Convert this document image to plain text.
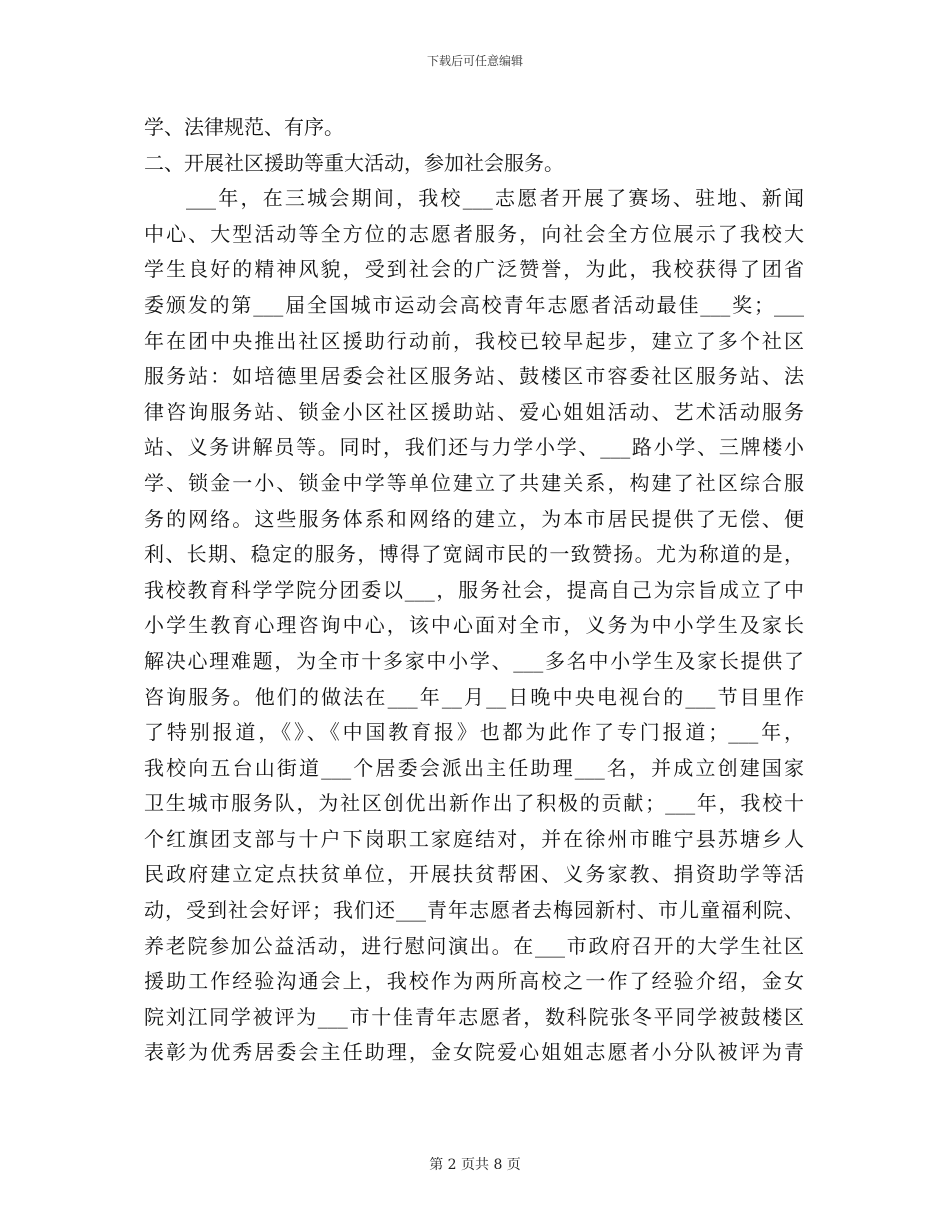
下载后可任意编辑
学、法律规范、有序。
二、开展社区援助等重大活动，参加社会服务。
___年，在三城会期间，我校___志愿者开展了赛场、驻地、新闻
中心、大型活动等全方位的志愿者服务，向社会全方位展示了我校大
学生良好的精神风貌，受到社会的广泛赞誉，为此，我校获得了团省
委颁发的第___届全国城市运动会高校青年志愿者活动最佳___奖；___
年在团中央推出社区援助行动前，我校已较早起步，建立了多个社区
服务站：如培德里居委会社区服务站、鼓楼区市容委社区服务站、法
律咨询服务站、锁金小区社区援助站、爱心姐姐活动、艺术活动服务
站、义务讲解员等。同时，我们还与力学小学、___路小学、三牌楼小
学、锁金一小、锁金中学等单位建立了共建关系，构建了社区综合服
务的网络。这些服务体系和网络的建立，为本市居民提供了无偿、便
利、长期、稳定的服务，博得了宽阔市民的一致赞扬。尤为称道的是，
我校教育科学学院分团委以___，服务社会，提高自己为宗旨成立了中
小学生教育心理咨询中心，该中心面对全市，义务为中小学生及家长
解决心理难题，为全市十多家中小学、___多名中小学生及家长提供了
咨询服务。他们的做法在___年__月__日晚中央电视台的___节目里作
了特别报道，《》、《中国教育报》也都为此作了专门报道；___年，
我校向五台山街道___个居委会派出主任助理___名，并成立创建国家
卫生城市服务队，为社区创优出新作出了积极的贡献；___年，我校十
个红旗团支部与十户下岗职工家庭结对，并在徐州市睢宁县苏塘乡人
民政府建立定点扶贫单位，开展扶贫帮困、义务家教、捐资助学等活
动，受到社会好评；我们还___青年志愿者去梅园新村、市儿童福利院、
养老院参加公益活动，进行慰问演出。在___市政府召开的大学生社区
援助工作经验沟通会上，我校作为两所高校之一作了经验介绍，金女
院刘江同学被评为___市十佳青年志愿者，数科院张冬平同学被鼓楼区
表彰为优秀居委会主任助理，金女院爱心姐姐志愿者小分队被评为青
第 2 页共 8 页
